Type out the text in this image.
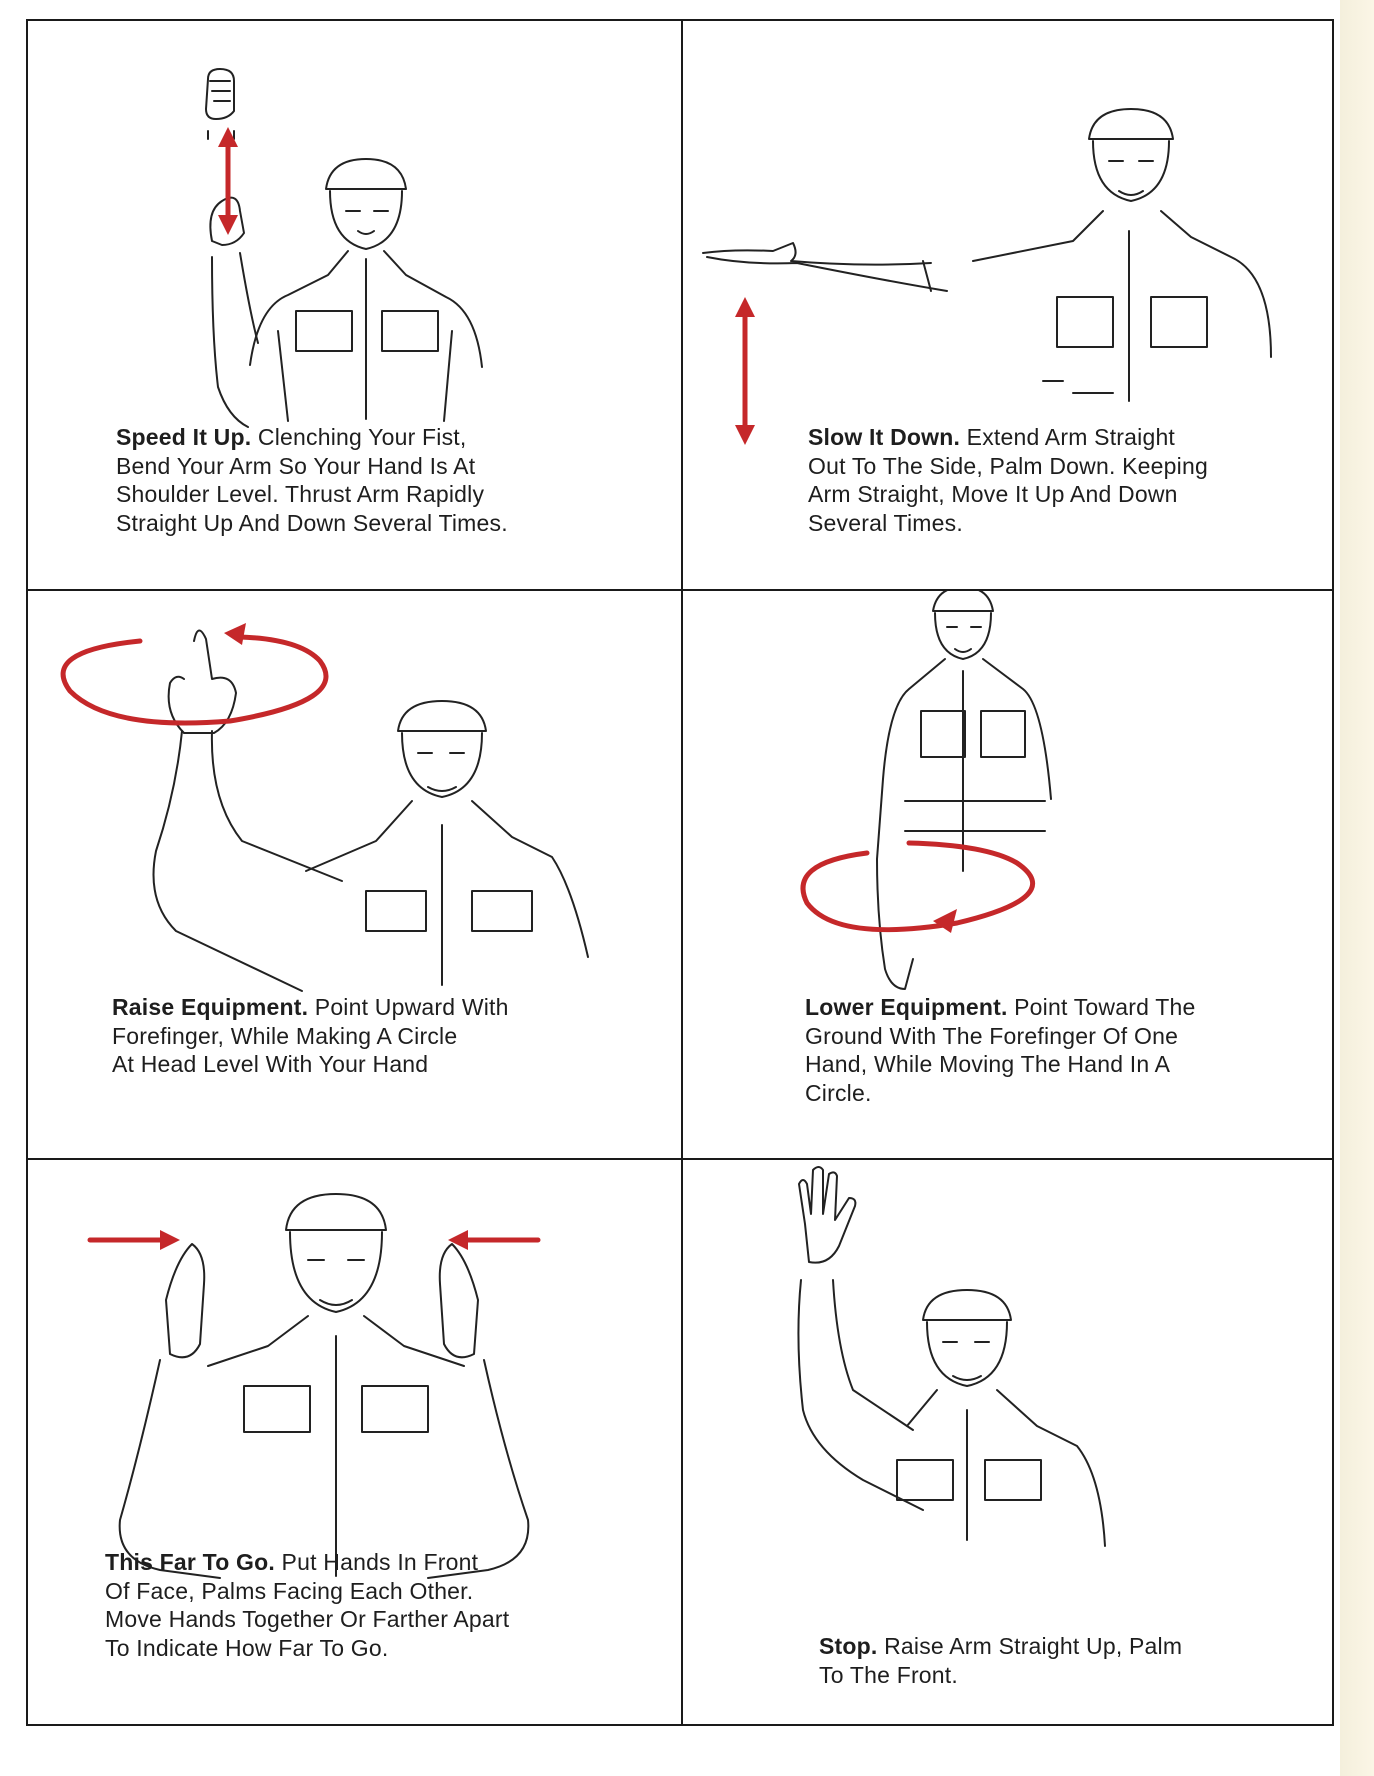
Speed It Up. Clenching Your Fist,
Bend Your Arm So Your Hand Is At
Shoulder Level. Thrust Arm Rapidly
Straight Up And Down Several Times.
Slow It Down. Extend Arm Straight
Out To The Side, Palm Down. Keeping
Arm Straight, Move It Up And Down
Several Times.
Raise Equipment. Point Upward With
Forefinger, While Making A Circle
At Head Level With Your Hand
Lower Equipment. Point Toward The
Ground With The Forefinger Of One
Hand, While Moving The Hand In A
Circle.
This Far To Go. Put Hands In Front
Of Face, Palms Facing Each Other.
Move Hands Together Or Farther Apart
To Indicate How Far To Go.	Stop. Raise Arm Straight Up, Palm
To The Front.
